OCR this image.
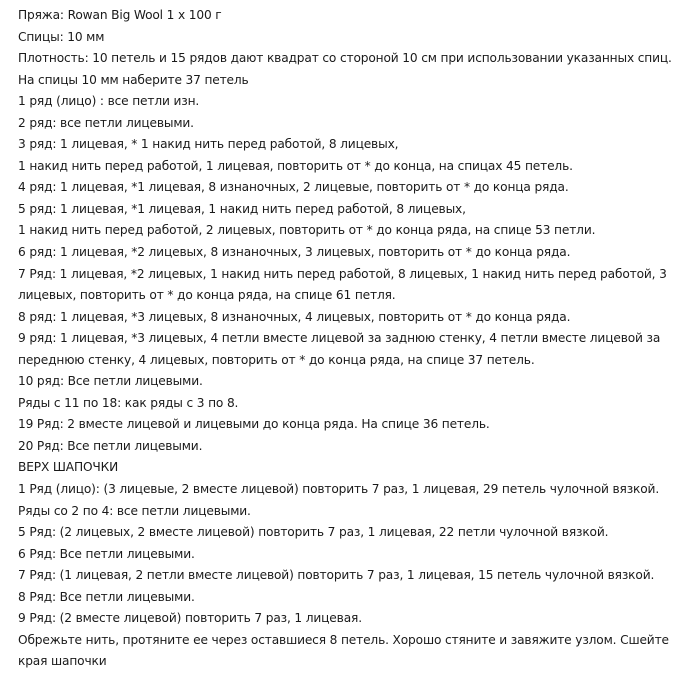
Пряжа: Rowan Big Wool 1 x 100 г
Спицы: 10 мм
Плотность: 10 петель и 15 рядов дают квадрат со стороной 10 см при использовании указанных спиц.
На спицы 10 мм наберите 37 петель
1 ряд (лицо) : все петли изн.
2 ряд: все петли лицевыми.
3 ряд: 1 лицевая, * 1 накид нить перед работой, 8 лицевых,
1 накид нить перед работой, 1 лицевая, повторить от * до конца, на спицах 45 петель.
4 ряд: 1 лицевая, *1 лицевая, 8 изнаночных, 2 лицевые, повторить от * до конца ряда.
5 ряд: 1 лицевая, *1 лицевая, 1 накид нить перед работой, 8 лицевых,
1 накид нить перед работой, 2 лицевых, повторить от * до конца ряда, на спице 53 петли.
6 ряд: 1 лицевая, *2 лицевых, 8 изнаночных, 3 лицевых, повторить от * до конца ряда.
7 Ряд: 1 лицевая, *2 лицевых, 1 накид нить перед работой, 8 лицевых, 1 накид нить перед работой, 3
лицевых, повторить от * до конца ряда, на спице 61 петля.
8 ряд: 1 лицевая, *3 лицевых, 8 изнаночных, 4 лицевых, повторить от * до конца ряда.
9 ряд: 1 лицевая, *3 лицевых, 4 петли вместе лицевой за заднюю стенку, 4 петли вместе лицевой за
переднюю стенку, 4 лицевых, повторить от * до конца ряда, на спице 37 петель.
10 ряд: Все петли лицевыми.
Ряды с 11 по 18: как ряды с 3 по 8.
19 Ряд: 2 вместе лицевой и лицевыми до конца ряда. На спице 36 петель.
20 Ряд: Все петли лицевыми.
ВЕРХ ШАПОЧКИ
1 Ряд (лицо): (3 лицевые, 2 вместе лицевой) повторить 7 раз, 1 лицевая, 29 петель чулочной вязкой.
Ряды со 2 по 4: все петли лицевыми.
5 Ряд: (2 лицевых, 2 вместе лицевой) повторить 7 раз, 1 лицевая, 22 петли чулочной вязкой.
6 Ряд: Все петли лицевыми.
7 Ряд: (1 лицевая, 2 петли вместе лицевой) повторить 7 раз, 1 лицевая, 15 петель чулочной вязкой.
8 Ряд: Все петли лицевыми.
9 Ряд: (2 вместе лицевой) повторить 7 раз, 1 лицевая.
Обрежьте нить, протяните ее через оставшиеся 8 петель. Хорошо стяните и завяжите узлом. Сшейте
края шапочки
